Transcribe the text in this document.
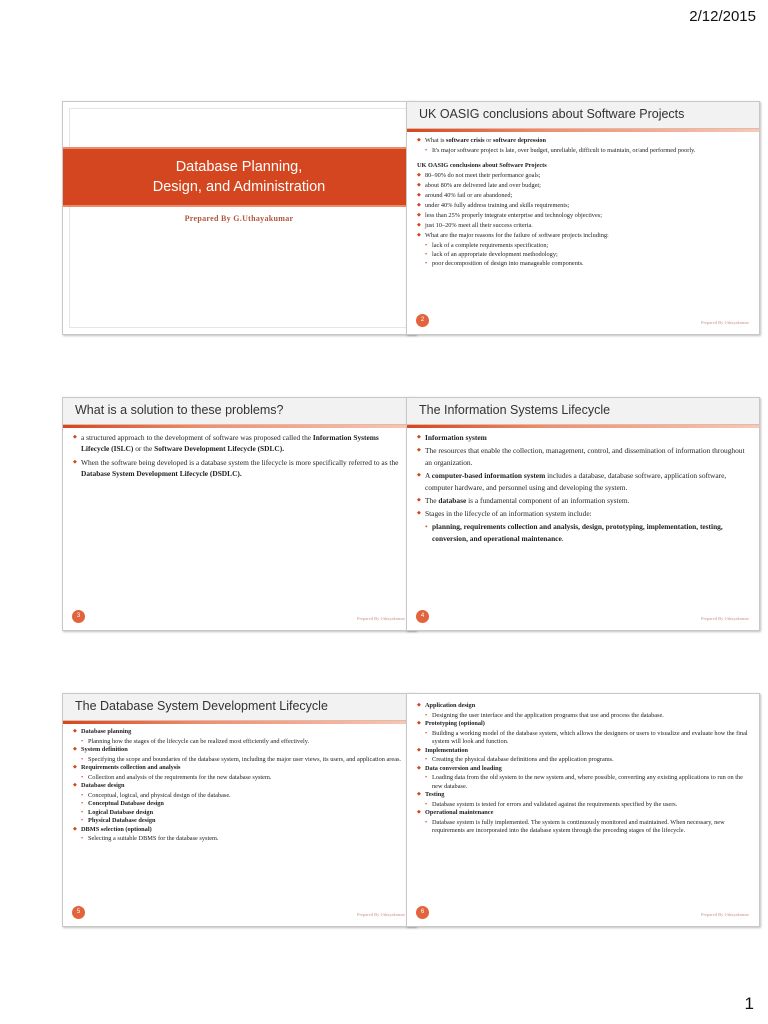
2/12/2015
Database Planning,
Design, and Administration
Prepared By G.Uthayakumar
UK OASIG conclusions about Software Projects
◆ What is software crisis or software depression
• It's major software project is late, over budget, unreliable, difficult to maintain, or/and performed poorly.
UK OASIG conclusions about Software Projects
◆ 80–90% do not meet their performance goals;
◆ about 80% are delivered late and over budget;
◆ around 40% fail or are abandoned;
◆ under 40% fully address training and skills requirements;
◆ less than 25% properly integrate enterprise and technology objectives;
◆ just 10–20% meet all their success criteria.
◆ What are the major reasons for the failure of software projects including:
• lack of a complete requirements specification;
• lack of an appropriate development methodology;
• poor decomposition of design into manageable components.
2	Prepared By Uthayakumar
What is a solution to these problems?
◆ a structured approach to the development of software was proposed called the Information Systems Lifecycle (ISLC) or the Software Development Lifecycle (SDLC).
◆ When the software being developed is a database system the lifecycle is more specifically referred to as the Database System Development Lifecycle (DSDLC).
3	Prepared By Uthayakumar
The Information Systems Lifecycle
◆ Information system
◆ The resources that enable the collection, management, control, and dissemination of information throughout an organization.
◆ A computer-based information system includes a database, database software, application software, computer hardware, and personnel using and developing the system.
◆ The database is a fundamental component of an information system.
◆ Stages in the lifecycle of an information system include:
• planning, requirements collection and analysis, design, prototyping, implementation, testing, conversion, and operational maintenance.
4	Prepared By Uthayakumar
The Database System Development Lifecycle
◆ Database planning
• Planning how the stages of the lifecycle can be realized most efficiently and effectively.
◆ System definition
• Specifying the scope and boundaries of the database system, including the major user views, its users, and application areas.
◆ Requirements collection and analysis
• Collection and analysis of the requirements for the new database system.
◆ Database design
• Conceptual, logical, and physical design of the database.
• Conceptual Database design
• Logical Database design
• Physical Database design
◆ DBMS selection (optional)
• Selecting a suitable DBMS for the database system.
5	Prepared By Uthayakumar
◆ Application design
• Designing the user interface and the application programs that use and process the database.
◆ Prototyping (optional)
• Building a working model of the database system, which allows the designers or users to visualize and evaluate how the final system will look and function.
◆ Implementation
• Creating the physical database definitions and the application programs.
◆ Data conversion and loading
• Loading data from the old system to the new system and, where possible, converting any existing applications to run on the new database.
◆ Testing
• Database system is tested for errors and validated against the requirements specified by the users.
◆ Operational maintenance
• Database system is fully implemented. The system is continuously monitored and maintained. When necessary, new requirements are incorporated into the database system through the preceding stages of the lifecycle.
6	Prepared By Uthayakumar
1
